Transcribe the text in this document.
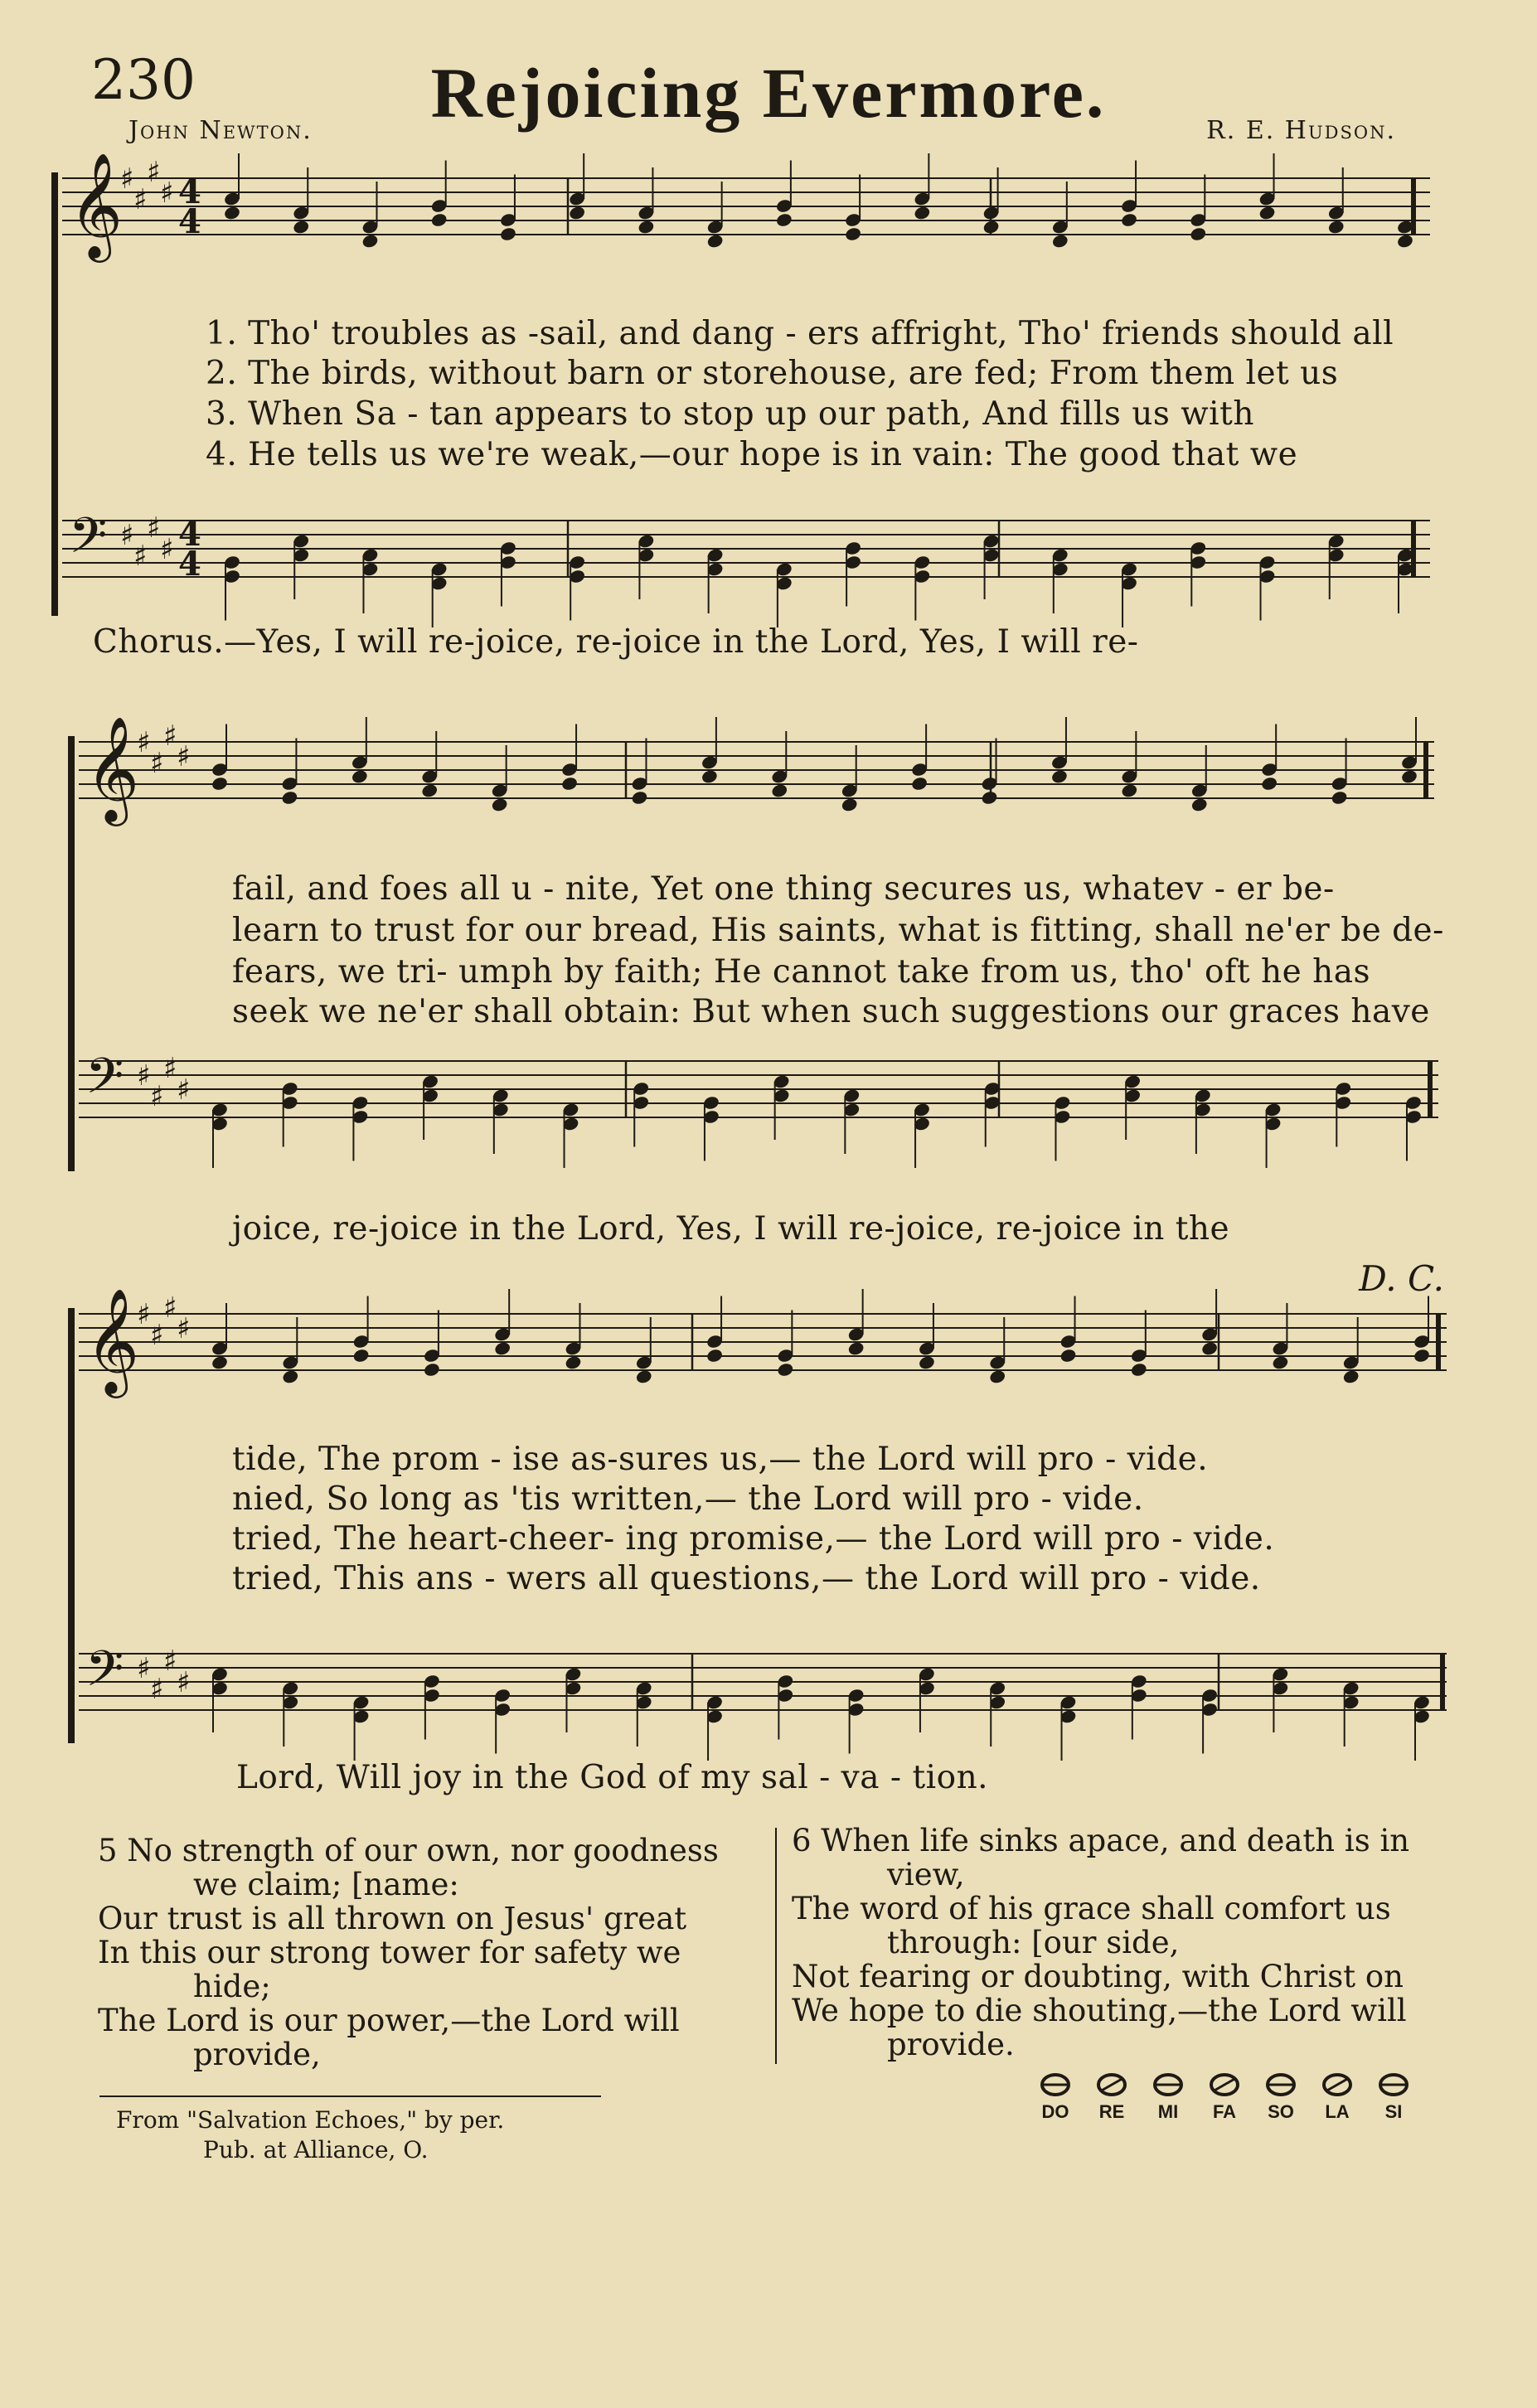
230	Rejoicing Evermore.
John Newton.	R. E. Hudson.
𝄞
♯
♯
♯
♯ 4
4
𝄢 ♯
♯
♯
♯ 4
4
𝄞
♯
♯
♯
♯
𝄢 ♯
♯
♯
♯
𝄞
♯
♯
♯
♯
𝄢 ♯
♯
♯
♯
1. Tho' troubles as -sail, and dang - ers affright, Tho' friends should all
2. The birds, without barn or storehouse, are fed; From them let us
3. When Sa - tan appears to stop up our path, And fills us with
4. He tells us we're weak,—our hope is in vain: The good that we
Chorus.—Yes, I will re-joice, re-joice in the Lord, Yes, I will re-
fail, and foes all u - nite, Yet one thing secures us, whatev - er be-
learn to trust for our bread, His saints, what is fitting, shall ne'er be de-
fears, we tri- umph by faith; He cannot take from us, tho' oft he has
seek we ne'er shall obtain: But when such suggestions our graces have
joice, re-joice in the Lord, Yes, I will re-joice, re-joice in the
D. C.
tide, The prom - ise as-sures us,— the Lord will pro - vide.
nied, So long as 'tis written,— the Lord will pro - vide.
tried, The heart-cheer- ing promise,— the Lord will pro - vide.
tried, This ans - wers all questions,— the Lord will pro - vide.
Lord, Will joy in the God of my sal - va - tion.
5 No strength of our own, nor goodness
we claim; [name:
Our trust is all thrown on Jesus' great
In this our strong tower for safety we
hide;
The Lord is our power,—the Lord will
provide,
6 When life sinks apace, and death is in
view,
The word of his grace shall comfort us
through: [our side,
Not fearing or doubting, with Christ on
We hope to die shouting,—the Lord will
provide.
From "Salvation Echoes," by per.
Pub. at Alliance, O.
DO	RE	MI	FA	SO	LA	SI
